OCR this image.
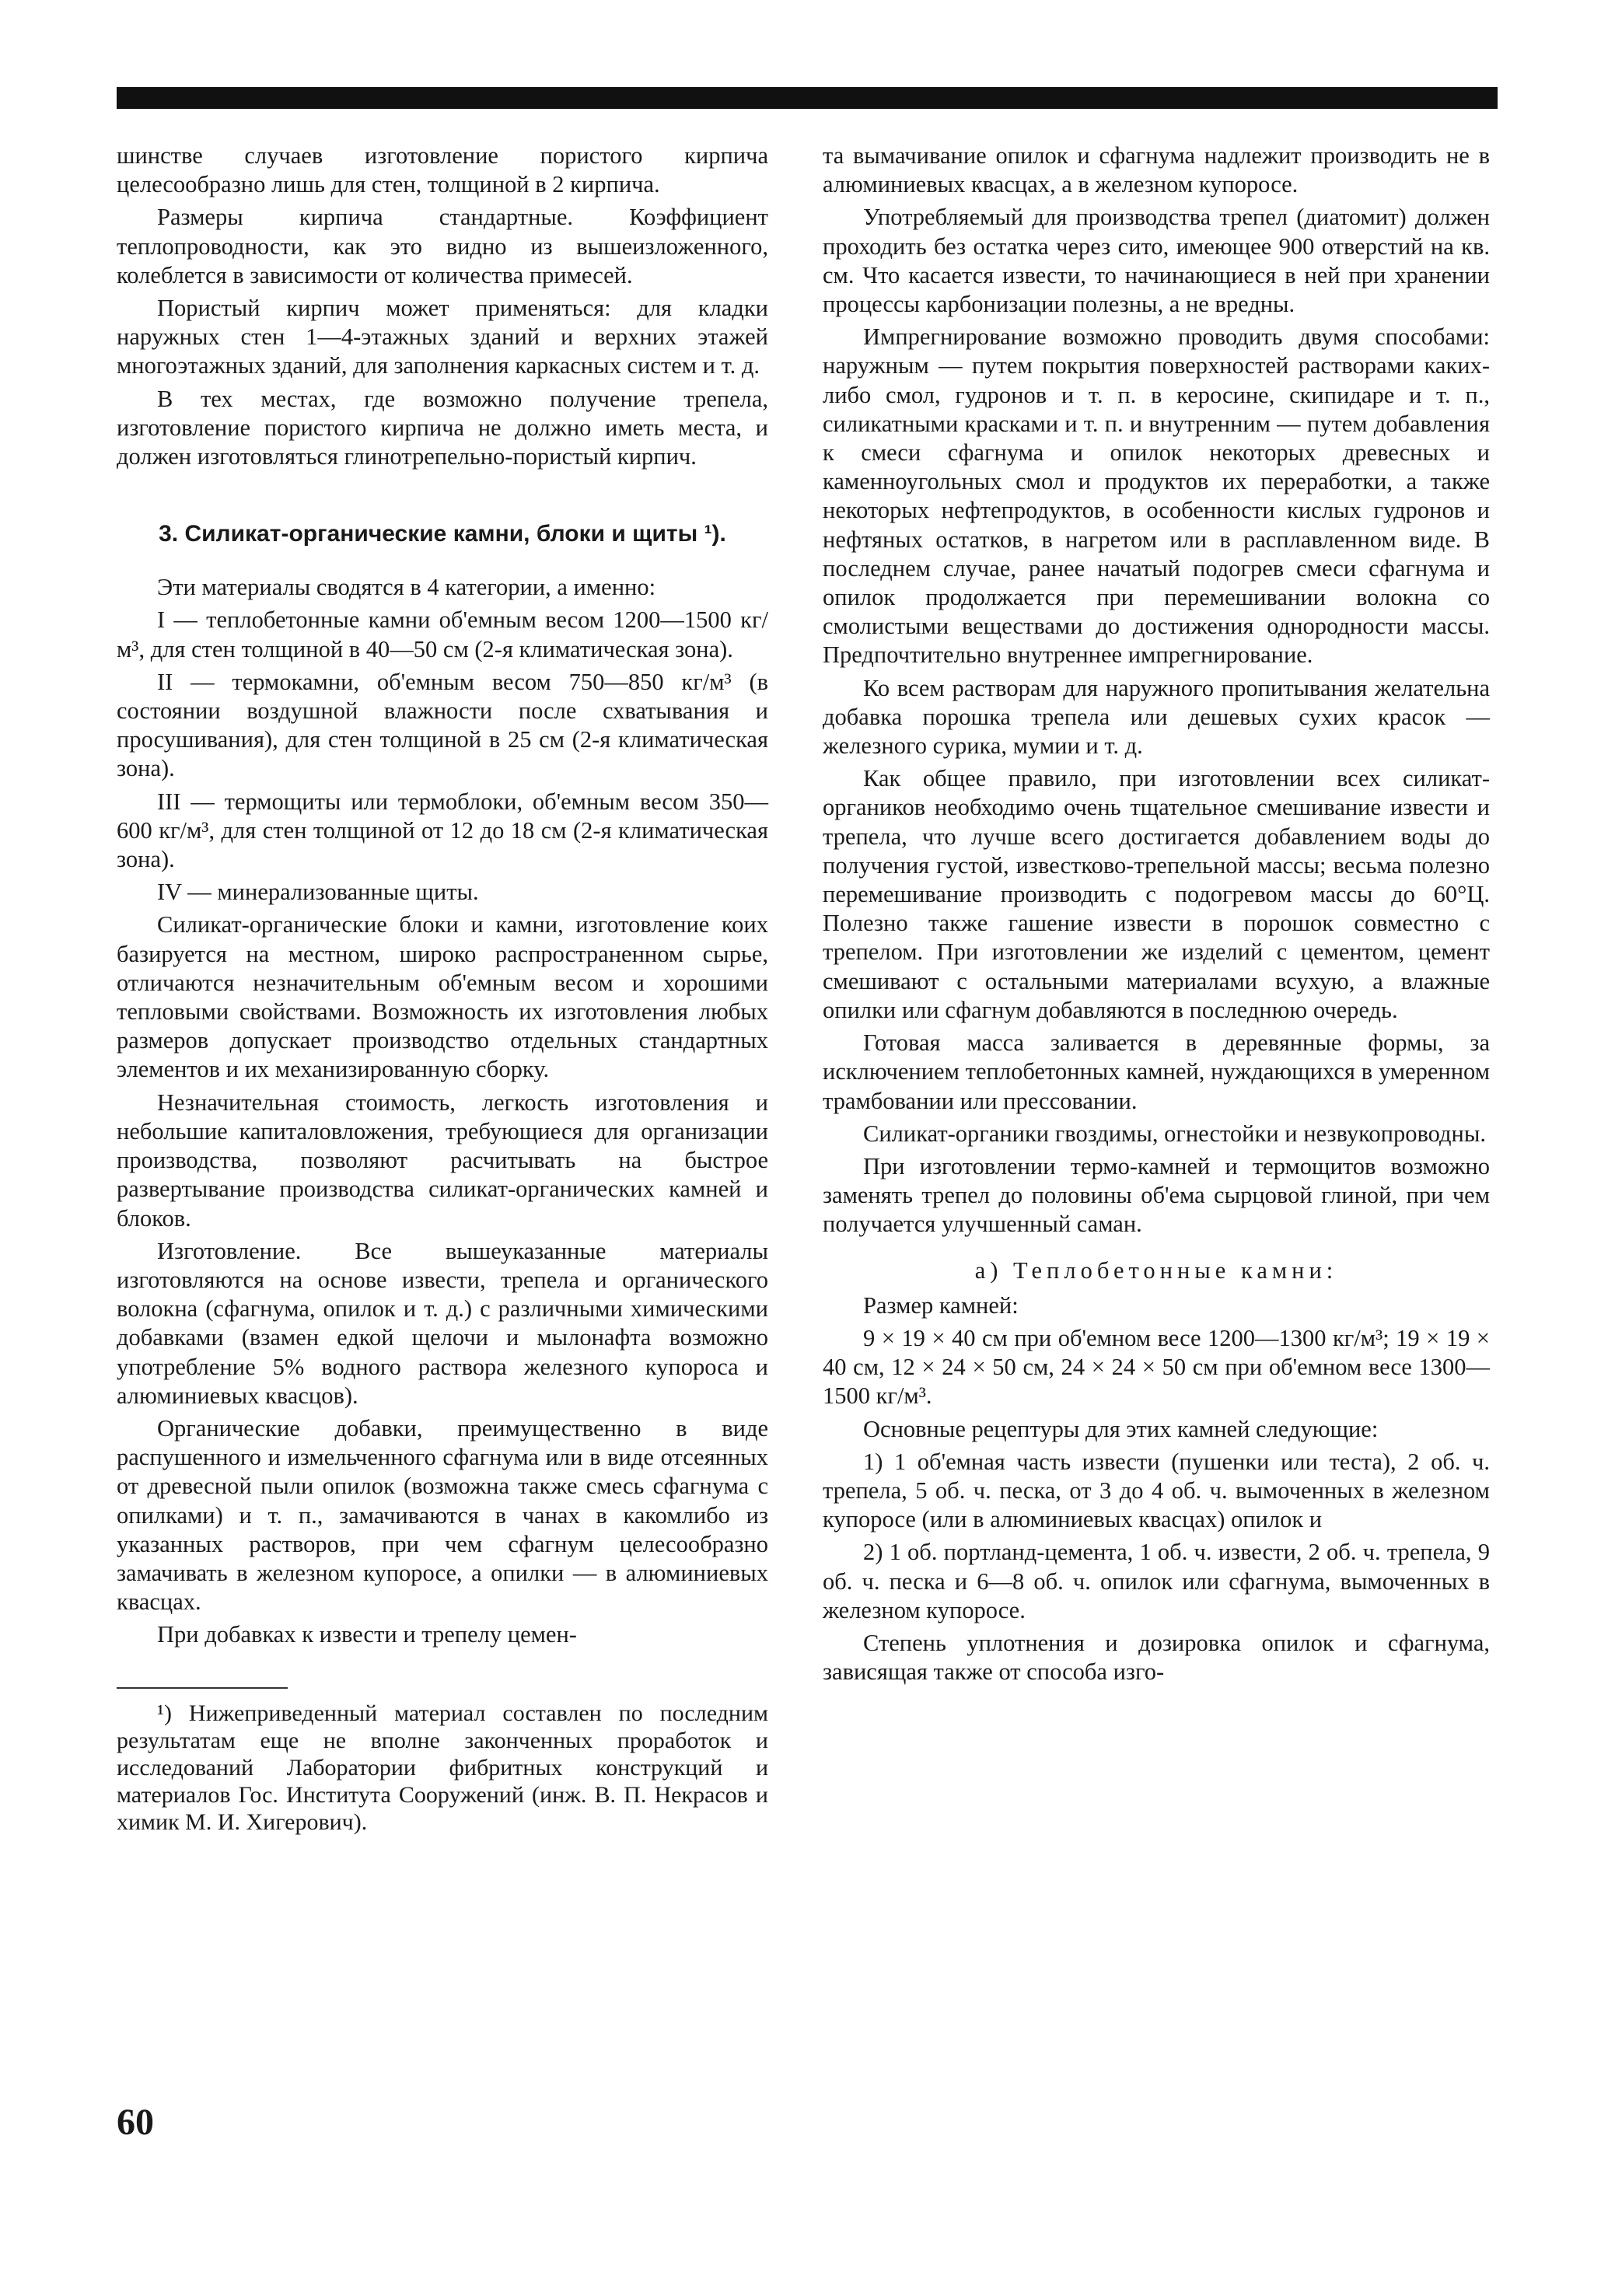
шинстве случаев изготовление пористого кирпича целесообразно лишь для стен, толщиной в 2 кирпича.

Размеры кирпича стандартные. Коэффициент теплопроводности, как это видно из вышеизложенного, колеблется в зависимости от количества примесей.

Пористый кирпич может применяться: для кладки наружных стен 1—4-этажных зданий и верхних этажей многоэтажных зданий, для заполнения каркасных систем и т. д.

В тех местах, где возможно получение трепела, изготовление пористого кирпича не должно иметь места, и должен изготовляться глинотрепельно-пористый кирпич.

3. Силикат-органические камни, блоки и щиты ¹).

Эти материалы сводятся в 4 категории, а именно:

I — теплобетонные камни об'емным весом 1200—1500 кг/м³, для стен толщиной в 40—50 см (2-я климатическая зона).

II — термокамни, об'емным весом 750—850 кг/м³ (в состоянии воздушной влажности после схватывания и просушивания), для стен толщиной в 25 см (2-я климатическая зона).

III — термощиты или термоблоки, об'емным весом 350—600 кг/м³, для стен толщиной от 12 до 18 см (2-я климатическая зона).

IV — минерализованные щиты.

Силикат-органические блоки и камни, изготовление коих базируется на местном, широко распространенном сырье, отличаются незначительным об'емным весом и хорошими тепловыми свойствами. Возможность их изготовления любых размеров допускает производство отдельных стандартных элементов и их механизированную сборку.

Незначительная стоимость, легкость изготовления и небольшие капиталовложения, требующиеся для организации производства, позволяют расчитывать на быстрое развертывание производства силикат-органических камней и блоков.

Изготовление. Все вышеуказанные материалы изготовляются на основе извести, трепела и органического волокна (сфагнума, опилок и т. д.) с различными химическими добавками (взамен едкой щелочи и мылонафта возможно употребление 5% водного раствора железного купороса и алюминиевых квасцов).

Органические добавки, преимущественно в виде распушенного и измельченного сфагнума или в виде отсеянных от древесной пыли опилок (возможна также смесь сфагнума с опилками) и т. п., замачиваются в чанах в какомлибо из указанных растворов, при чем сфагнум целесообразно замачивать в железном купоросе, а опилки — в алюминиевых квасцах.

При добавках к извести и трепелу цемен-

¹) Нижеприведенный материал составлен по последним результатам еще не вполне законченных проработок и исследований Лаборатории фибритных конструкций и материалов Гос. Института Сооружений (инж. В. П. Некрасов и химик М. И. Хигерович).

та вымачивание опилок и сфагнума надлежит производить не в алюминиевых квасцах, а в железном купоросе.

Употребляемый для производства трепел (диатомит) должен проходить без остатка через сито, имеющее 900 отверстий на кв. см. Что касается извести, то начинающиеся в ней при хранении процессы карбонизации полезны, а не вредны.

Импрегнирование возможно проводить двумя способами: наружным — путем покрытия поверхностей растворами каких-либо смол, гудронов и т. п. в керосине, скипидаре и т. п., силикатными красками и т. п. и внутренним — путем добавления к смеси сфагнума и опилок некоторых древесных и каменноугольных смол и продуктов их переработки, а также некоторых нефтепродуктов, в особенности кислых гудронов и нефтяных остатков, в нагретом или в расплавленном виде. В последнем случае, ранее начатый подогрев смеси сфагнума и опилок продолжается при перемешивании волокна со смолистыми веществами до достижения однородности массы. Предпочтительно внутреннее импрегнирование.

Ко всем растворам для наружного пропитывания желательна добавка порошка трепела или дешевых сухих красок — железного сурика, мумии и т. д.

Как общее правило, при изготовлении всех силикат-органиков необходимо очень тщательное смешивание извести и трепела, что лучше всего достигается добавлением воды до получения густой, известково-трепельной массы; весьма полезно перемешивание производить с подогревом массы до 60°Ц. Полезно также гашение извести в порошок совместно с трепелом. При изготовлении же изделий с цементом, цемент смешивают с остальными материалами всухую, а влажные опилки или сфагнум добавляются в последнюю очередь.

Готовая масса заливается в деревянные формы, за исключением теплобетонных камней, нуждающихся в умеренном трамбовании или прессовании.

Силикат-органики гвоздимы, огнестойки и незвукопроводны.

При изготовлении термо-камней и термощитов возможно заменять трепел до половины об'ема сырцовой глиной, при чем получается улучшенный саман.

а) Теплобетонные камни:

Размер камней:

9 × 19 × 40 см при об'емном весе 1200—1300 кг/м³; 19 × 19 × 40 см, 12 × 24 × 50 см, 24 × 24 × 50 см при об'емном весе 1300—1500 кг/м³.

Основные рецептуры для этих камней следующие:

1) 1 об'емная часть извести (пушенки или теста), 2 об. ч. трепела, 5 об. ч. песка, от 3 до 4 об. ч. вымоченных в железном купоросе (или в алюминиевых квасцах) опилок и

2) 1 об. портланд-цемента, 1 об. ч. извести, 2 об. ч. трепела, 9 об. ч. песка и 6—8 об. ч. опилок или сфагнума, вымоченных в железном купоросе.

Степень уплотнения и дозировка опилок и сфагнума, зависящая также от способа изго-

60
